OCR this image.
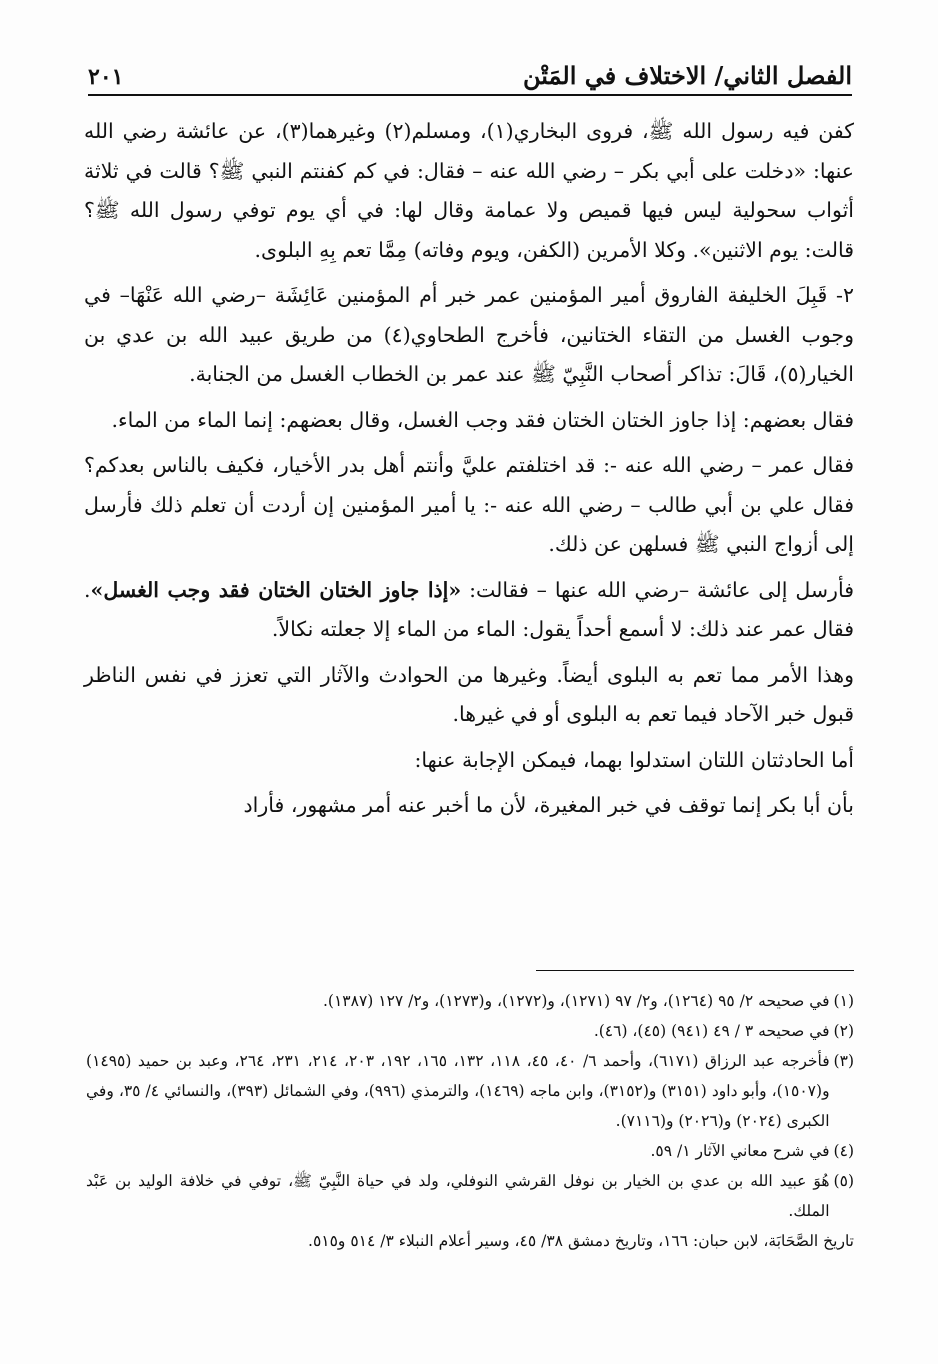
الفصل الثاني/ الاختلاف في المَتْن
٢٠١

كفن فيه رسول الله ﷺ، فروى البخاري(١)، ومسلم(٢) وغيرهما(٣)، عن عائشة رضي الله عنها: «دخلت على أبي بكر – رضي الله عنه – فقال: في كم كفنتم النبي ﷺ؟ قالت في ثلاثة أثواب سحولية ليس فيها قميص ولا عمامة وقال لها: في أي يوم توفي رسول الله ﷺ؟ قالت: يوم الاثنين». وكلا الأمرين (الكفن، ويوم وفاته) مِمَّا تعم بِهِ البلوى.

٢- قَبِلَ الخليفة الفاروق أمير المؤمنين عمر خبر أم المؤمنين عَائِشَة –رضي الله عَنْهَا– في وجوب الغسل من التقاء الختانين، فأخرج الطحاوي(٤) من طريق عبيد الله بن عدي بن الخيار(٥)، قَالَ: تذاكر أصحاب النَّبِيّ ﷺ عند عمر بن الخطاب الغسل من الجنابة.

فقال بعضهم: إذا جاوز الختان الختان فقد وجب الغسل، وقال بعضهم: إنما الماء من الماء.

فقال عمر – رضي الله عنه -: قد اختلفتم عليَّ وأنتم أهل بدر الأخيار، فكيف بالناس بعدكم؟ فقال علي بن أبي طالب – رضي الله عنه -: يا أمير المؤمنين إن أردت أن تعلم ذلك فأرسل إلى أزواج النبي ﷺ فسلهن عن ذلك.

فأرسل إلى عائشة –رضي الله عنها – فقالت: «إذا جاوز الختان الختان فقد وجب الغسل». فقال عمر عند ذلك: لا أسمع أحداً يقول: الماء من الماء إلا جعلته نكالاً.

وهذا الأمر مما تعم به البلوى أيضاً. وغيرها من الحوادث والآثار التي تعزز في نفس الناظر قبول خبر الآحاد فيما تعم به البلوى أو في غيرها.

أما الحادثتان اللتان استدلوا بهما، فيمكن الإجابة عنها:

بأن أبا بكر إنما توقف في خبر المغيرة، لأن ما أخبر عنه أمر مشهور، فأراد

(١)
في صحيحه ٢/ ٩٥ (١٢٦٤)، و٢/ ٩٧ (١٢٧١)، و(١٢٧٢)، و(١٢٧٣)، و٢/ ١٢٧ (١٣٨٧).
(٢)
في صحيحه ٣ / ٤٩ (٩٤١) (٤٥)، (٤٦).
(٣)
فأخرجه عبد الرزاق (٦١٧١)، وأحمد ٦/ ٤٠، ٤٥، ١١٨، ١٣٢، ١٦٥، ١٩٢، ٢٠٣، ٢١٤، ٢٣١، ٢٦٤، وعبد بن حميد (١٤٩٥) و(١٥٠٧)، وأبو داود (٣١٥١) و(٣١٥٢)، وابن ماجه (١٤٦٩)، والترمذي (٩٩٦)، وفي الشمائل (٣٩٣)، والنسائي ٤/ ٣٥، وفي الكبرى (٢٠٢٤) و(٢٠٢٦) و(٧١١٦).
(٤)
في شرح معاني الآثار ١/ ٥٩.
(٥)
هُوَ عبيد الله بن عدي بن الخيار بن نوفل القرشي النوفلي، ولد في حياة النَّبِيّ ﷺ، توفي في خلافة الوليد بن عَبْد الملك.
تاريخ الصَّحَابَة، لابن حبان: ١٦٦، وتاريخ دمشق ٣٨/ ٤٥، وسير أعلام النبلاء ٣/ ٥١٤ و٥١٥.
